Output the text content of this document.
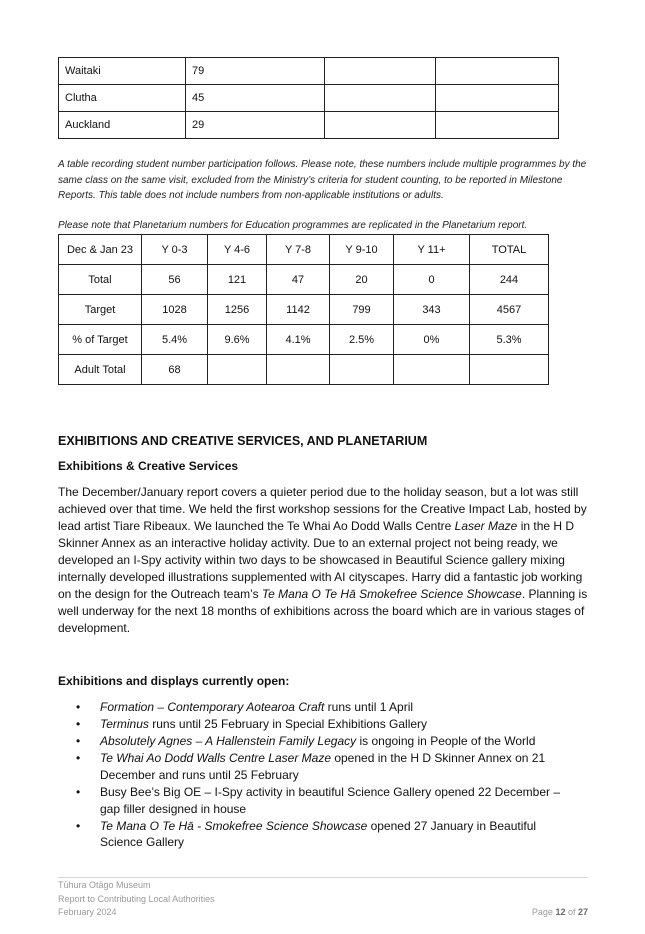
Waitaki	79		
Clutha	45		
Auckland	29		
A table recording student number participation follows. Please note, these numbers include multiple programmes by the same class on the same visit, excluded from the Ministry’s criteria for student counting, to be reported in Milestone Reports. This table does not include numbers from non-applicable institutions or adults.
Please note that Planetarium numbers for Education programmes are replicated in the Planetarium report.
Dec & Jan 23	Y 0-3	Y 4-6	Y 7-8	Y 9-10	Y 11+	TOTAL
Total	56	121	47	20	0	244
Target	1028	1256	1142	799	343	4567
% of Target	5.4%	9.6%	4.1%	2.5%	0%	5.3%
Adult Total	68					
EXHIBITIONS AND CREATIVE SERVICES, AND PLANETARIUM
Exhibitions & Creative Services
The December/January report covers a quieter period due to the holiday season, but a lot was still achieved over that time. We held the first workshop sessions for the Creative Impact Lab, hosted by lead artist Tiare Ribeaux. We launched the Te Whai Ao Dodd Walls Centre Laser Maze in the H D Skinner Annex as an interactive holiday activity. Due to an external project not being ready, we developed an I-Spy activity within two days to be showcased in Beautiful Science gallery mixing internally developed illustrations supplemented with AI cityscapes. Harry did a fantastic job working on the design for the Outreach team’s Te Mana O Te Hā Smokefree Science Showcase. Planning is well underway for the next 18 months of exhibitions across the board which are in various stages of development.
Exhibitions and displays currently open:
• Formation – Contemporary Aotearoa Craft runs until 1 April
• Terminus runs until 25 February in Special Exhibitions Gallery
• Absolutely Agnes – A Hallenstein Family Legacy is ongoing in People of the World
• Te Whai Ao Dodd Walls Centre Laser Maze opened in the H D Skinner Annex on 21 December and runs until 25 February
• Busy Bee’s Big OE – I-Spy activity in beautiful Science Gallery opened 22 December – gap filler designed in house
• Te Mana O Te Hā - Smokefree Science Showcase opened 27 January in Beautiful Science Gallery
Tūhura Otāgo Museum
Report to Contributing Local Authorities
February 2024	Page 12 of 27
